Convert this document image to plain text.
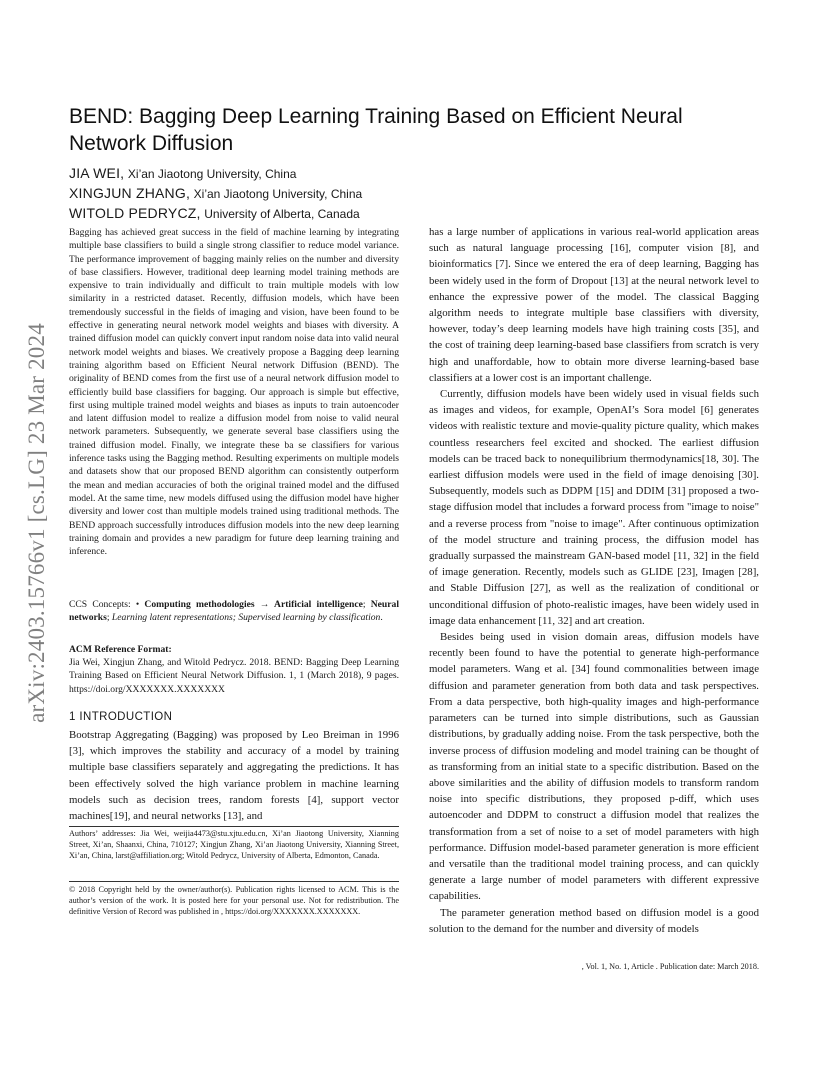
arXiv:2403.15766v1 [cs.LG] 23 Mar 2024
BEND: Bagging Deep Learning Training Based on Efficient Neural Network Diffusion
JIA WEI, Xi’an Jiaotong University, China
XINGJUN ZHANG, Xi’an Jiaotong University, China
WITOLD PEDRYCZ, University of Alberta, Canada
Bagging has achieved great success in the field of machine learning by integrating multiple base classifiers to build a single strong classifier to reduce model variance. The performance improvement of bagging mainly relies on the number and diversity of base classifiers. However, traditional deep learning model training methods are expensive to train individually and difficult to train multiple models with low similarity in a restricted dataset. Recently, diffusion models, which have been tremendously successful in the fields of imaging and vision, have been found to be effective in generating neural network model weights and biases with diversity. A trained diffusion model can quickly convert input random noise data into valid neural network model weights and biases. We creatively propose a Bagging deep learning training algorithm based on Efficient Neural network Diffusion (BEND). The originality of BEND comes from the first use of a neural network diffusion model to efficiently build base classifiers for bagging. Our approach is simple but effective, first using multiple trained model weights and biases as inputs to train autoencoder and latent diffusion model to realize a diffusion model from noise to valid neural network parameters. Subsequently, we generate several base classifiers using the trained diffusion model. Finally, we integrate these ba se classifiers for various inference tasks using the Bagging method. Resulting experiments on multiple models and datasets show that our proposed BEND algorithm can consistently outperform the mean and median accuracies of both the original trained model and the diffused model. At the same time, new models diffused using the diffusion model have higher diversity and lower cost than multiple models trained using traditional methods. The BEND approach successfully introduces diffusion models into the new deep learning training domain and provides a new paradigm for future deep learning training and inference.
CCS Concepts: • Computing methodologies → Artificial intelligence; Neural networks; Learning latent representations; Supervised learning by classification.
ACM Reference Format:
Jia Wei, Xingjun Zhang, and Witold Pedrycz. 2018. BEND: Bagging Deep Learning Training Based on Efficient Neural Network Diffusion. 1, 1 (March 2018), 9 pages. https://doi.org/XXXXXXX.XXXXXXX
1 INTRODUCTION
Bootstrap Aggregating (Bagging) was proposed by Leo Breiman in 1996 [3], which improves the stability and accuracy of a model by training multiple base classifiers separately and aggregating the predictions. It has been effectively solved the high variance problem in machine learning models such as decision trees, random forests [4], support vector machines[19], and neural networks [13], and
Authors’ addresses: Jia Wei, weijia4473@stu.xjtu.edu.cn, Xi’an Jiaotong University, Xianning Street, Xi’an, Shaanxi, China, 710127; Xingjun Zhang, Xi’an Jiaotong University, Xianning Street, Xi’an, China, larst@affiliation.org; Witold Pedrycz, University of Alberta, Edmonton, Canada.
© 2018 Copyright held by the owner/author(s). Publication rights licensed to ACM. This is the author’s version of the work. It is posted here for your personal use. Not for redistribution. The definitive Version of Record was published in , https://doi.org/XXXXXXX.XXXXXXX.

has a large number of applications in various real-world application areas such as natural language processing [16], computer vision [8], and bioinformatics [7]. Since we entered the era of deep learning, Bagging has been widely used in the form of Dropout [13] at the neural network level to enhance the expressive power of the model. The classical Bagging algorithm needs to integrate multiple base classifiers with diversity, however, today’s deep learning models have high training costs [35], and the cost of training deep learning-based base classifiers from scratch is very high and unaffordable, how to obtain more diverse learning-based base classifiers at a lower cost is an important challenge.

Currently, diffusion models have been widely used in visual fields such as images and videos, for example, OpenAI’s Sora model [6] generates videos with realistic texture and movie-quality picture quality, which makes countless researchers feel excited and shocked. The earliest diffusion models can be traced back to nonequilibrium thermodynamics[18, 30]. The earliest diffusion models were used in the field of image denoising [30]. Subsequently, models such as DDPM [15] and DDIM [31] proposed a two-stage diffusion model that includes a forward process from "image to noise" and a reverse process from "noise to image". After continuous optimization of the model structure and training process, the diffusion model has gradually surpassed the mainstream GAN-based model [11, 32] in the field of image generation. Recently, models such as GLIDE [23], Imagen [28], and Stable Diffusion [27], as well as the realization of conditional or unconditional diffusion of photo-realistic images, have been widely used in image data enhancement [11, 32] and art creation.

Besides being used in vision domain areas, diffusion models have recently been found to have the potential to generate high-performance model parameters. Wang et al. [34] found commonalities between image diffusion and parameter generation from both data and task perspectives. From a data perspective, both high-quality images and high-performance parameters can be turned into simple distributions, such as Gaussian distributions, by gradually adding noise. From the task perspective, both the inverse process of diffusion modeling and model training can be thought of as transforming from an initial state to a specific distribution. Based on the above similarities and the ability of diffusion models to transform random noise into specific distributions, they proposed p-diff, which uses autoencoder and DDPM to construct a diffusion model that realizes the transformation from a set of noise to a set of model parameters with high performance. Diffusion model-based parameter generation is more efficient and versatile than the traditional model training process, and can quickly generate a large number of model parameters with different expressive capabilities.

The parameter generation method based on diffusion model is a good solution to the demand for the number and diversity of models

, Vol. 1, No. 1, Article . Publication date: March 2018.
